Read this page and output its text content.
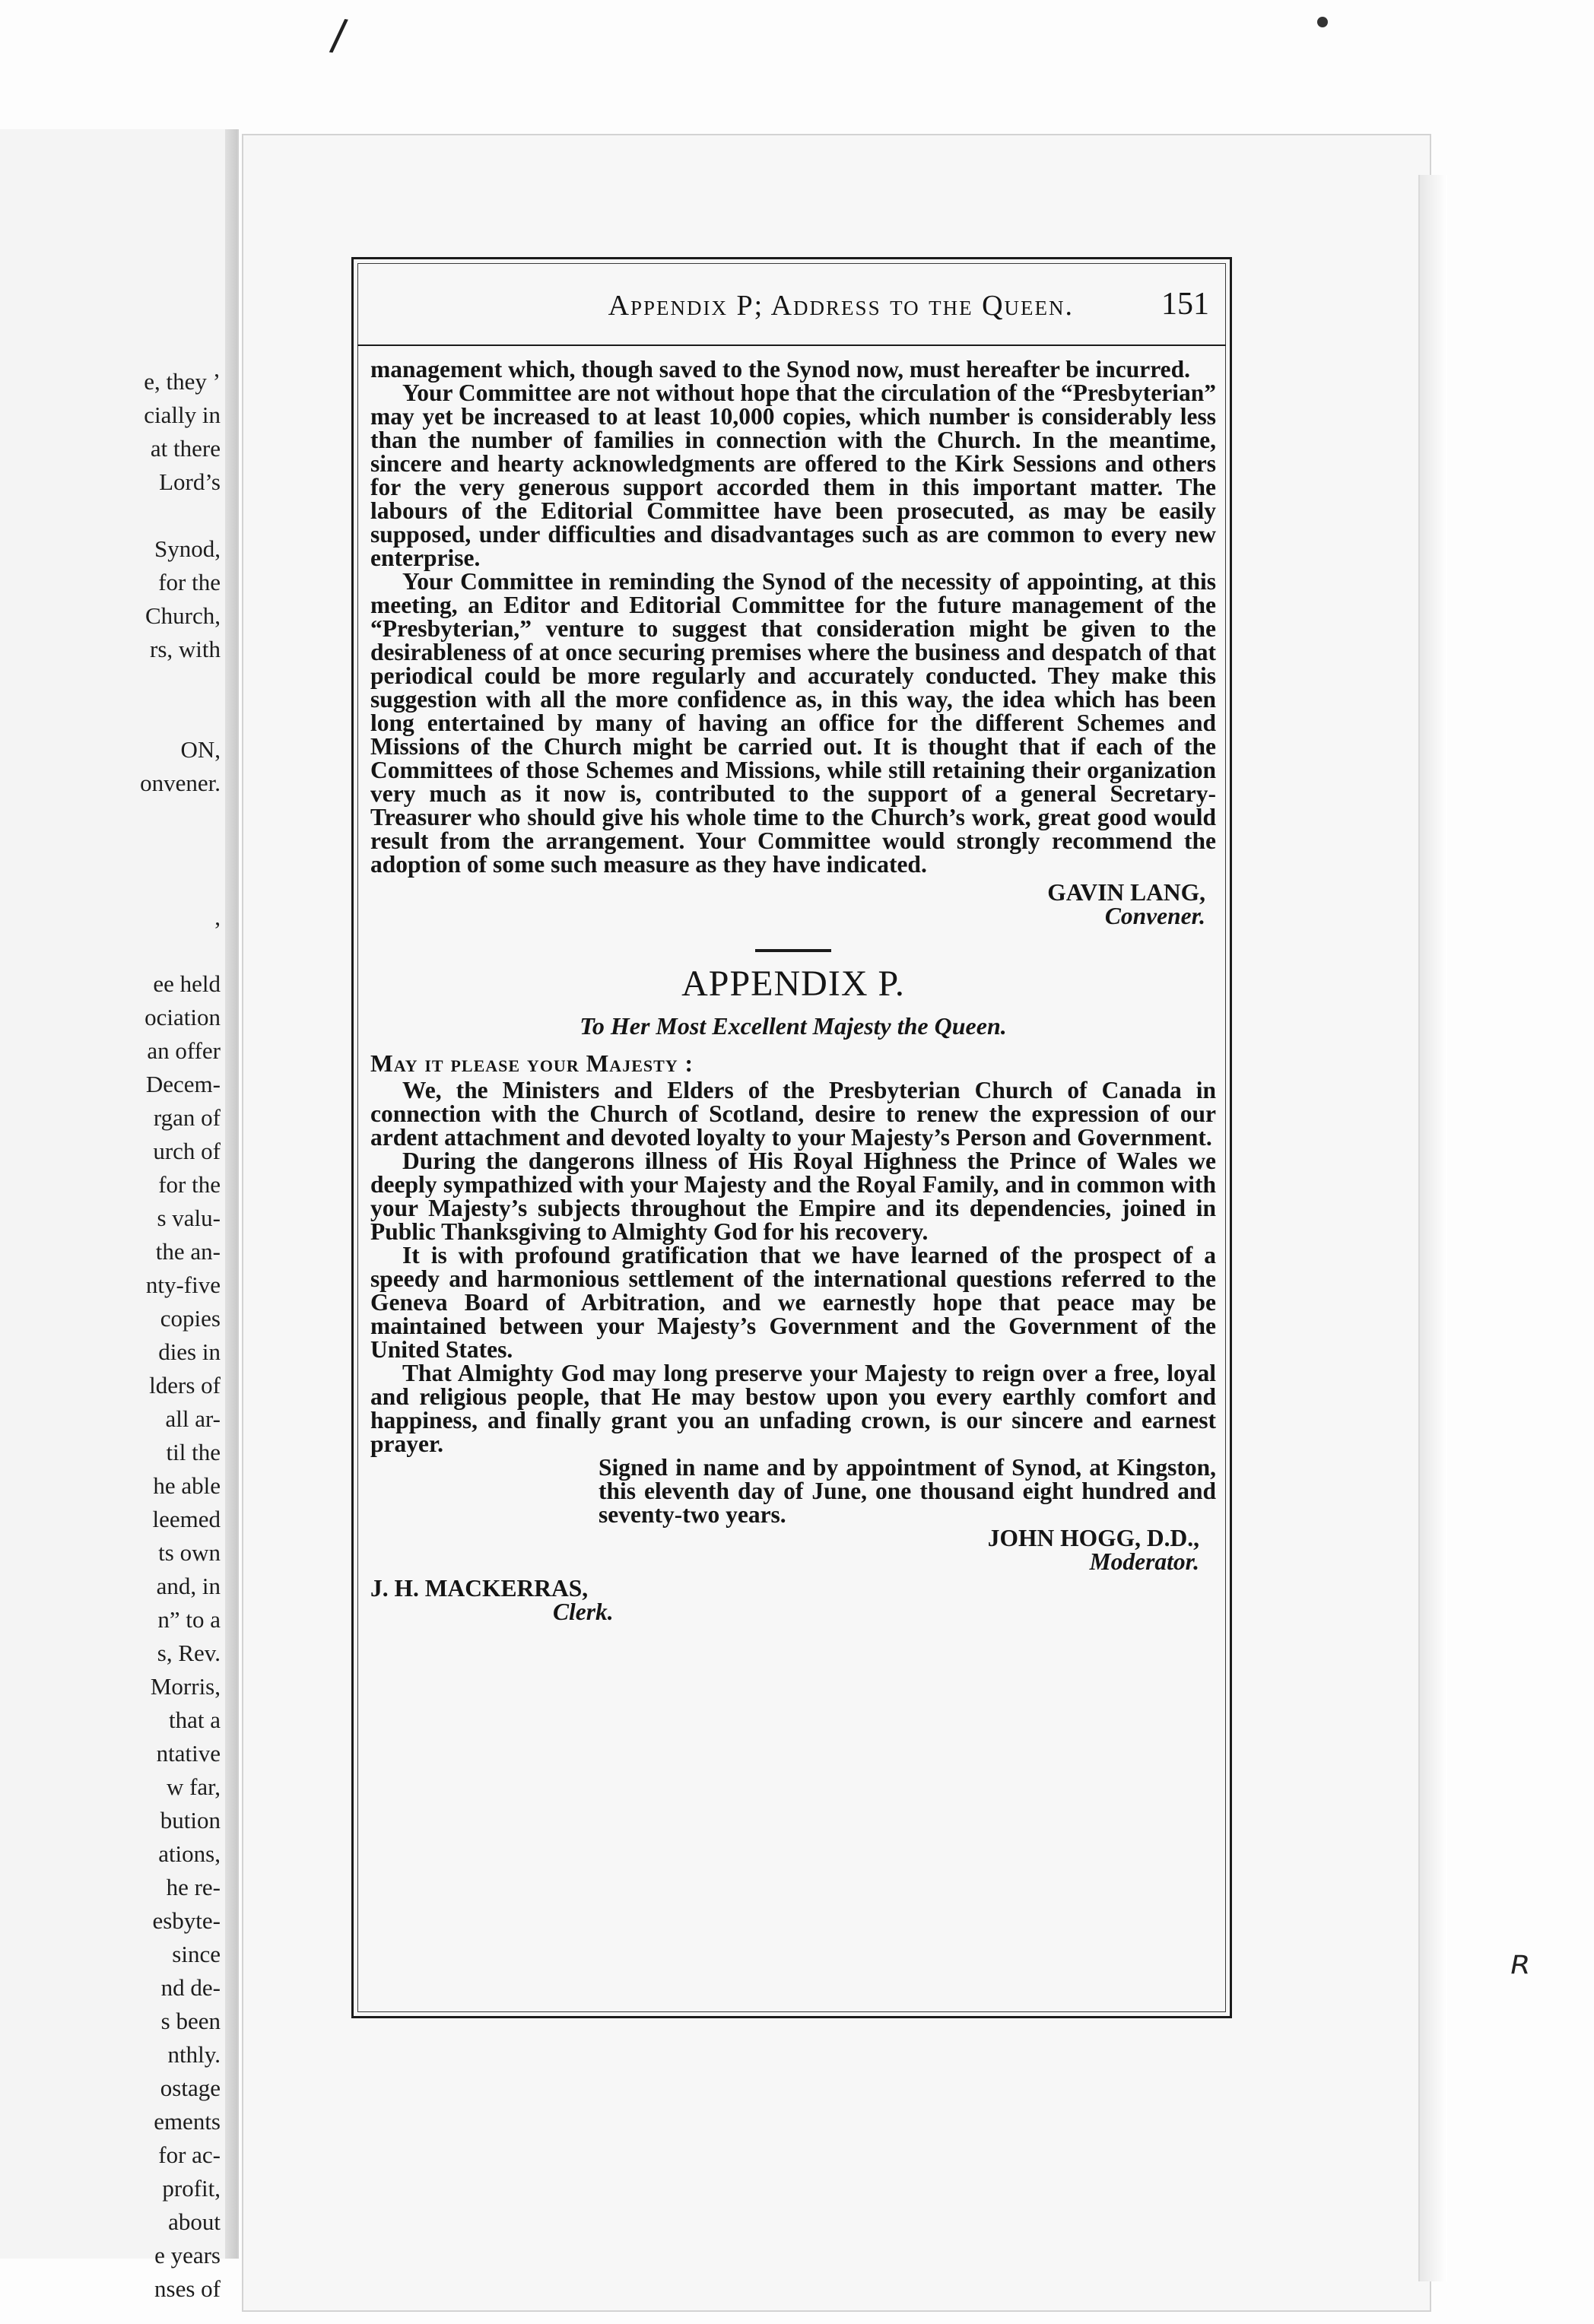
e, they ’
cially in
at there
Lord’s
Synod,
for the
Church,
rs, with
ON,
onvener.
,
ee held
ociation
an offer
Decem-
rgan of
urch of
for the
s valu-
the an-
nty-five
copies
dies in
lders of
all ar-
til the
he able
leemed
ts own
and, in
n” to a
s, Rev.
Morris,
that a
ntative
w far,
bution
ations,
he re-
esbyte-
since
nd de-
s been
nthly.
ostage
ements
for ac-
profit,
about
e years
nses of
Appendix P; Address to the Queen.	151

management which, though saved to the Synod now, must hereafter be incurred.

Your Committee are not without hope that the circulation of the “Presbyterian” may yet be increased to at least 10,000 copies, which number is considerably less than the number of families in connection with the Church. In the meantime, sincere and hearty acknowledgments are offered to the Kirk Sessions and others for the very generous support accorded them in this important matter. The labours of the Editorial Committee have been prosecuted, as may be easily supposed, under difficulties and disadvantages such as are common to every new enterprise.

Your Committee in reminding the Synod of the necessity of appointing, at this meeting, an Editor and Editorial Committee for the future management of the “Presbyterian,” venture to suggest that consideration might be given to the desirableness of at once securing premises where the business and despatch of that periodical could be more regularly and accurately conducted. They make this suggestion with all the more confidence as, in this way, the idea which has been long entertained by many of having an office for the different Schemes and Missions of the Church might be carried out. It is thought that if each of the Committees of those Schemes and Missions, while still retaining their organization very much as it now is, contributed to the support of a general Secretary-Treasurer who should give his whole time to the Church’s work, great good would result from the arrangement. Your Committee would strongly recommend the adoption of some such measure as they have indicated.

GAVIN LANG,
Convener.
APPENDIX P.
To Her Most Excellent Majesty the Queen.
May it please your Majesty :

We, the Ministers and Elders of the Presbyterian Church of Canada in connection with the Church of Scotland, desire to renew the expression of our ardent attachment and devoted loyalty to your Majesty’s Person and Government.

During the dangerons illness of His Royal Highness the Prince of Wales we deeply sympathized with your Majesty and the Royal Family, and in common with your Majesty’s subjects throughout the Empire and its dependencies, joined in Public Thanksgiving to Almighty God for his recovery.

It is with profound gratification that we have learned of the prospect of a speedy and harmonious settlement of the international questions referred to the Geneva Board of Arbitration, and we earnestly hope that peace may be maintained between your Majesty’s Government and the Government of the United States.

That Almighty God may long preserve your Majesty to reign over a free, loyal and religious people, that He may bestow upon you every earthly comfort and happiness, and finally grant you an unfading crown, is our sincere and earnest prayer.

Signed in name and by appointment of Synod, at Kingston, this eleventh day of June, one thousand eight hundred and seventy-two years.

JOHN HOGG, D.D.,
Moderator.
J. H. MACKERRAS,
Clerk.
/
ᴿ
